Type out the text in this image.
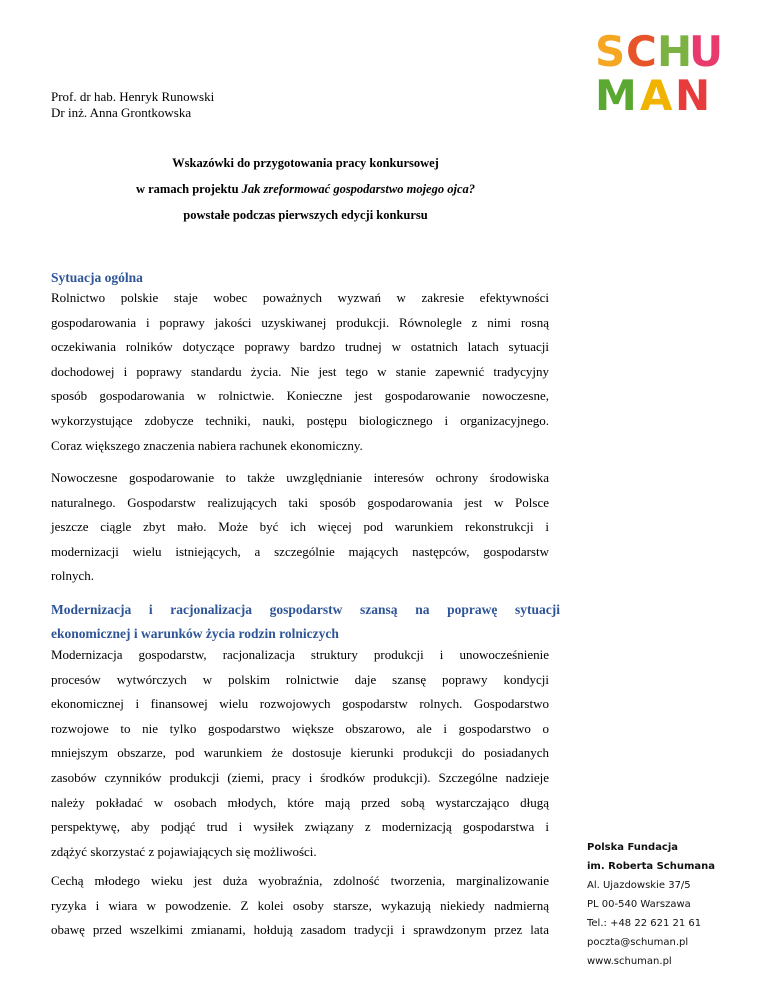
Prof. dr hab. Henryk Runowski
Dr inż. Anna Grontkowska
S C H
U
M A N
Wskazówki do przygotowania pracy konkursowej
w ramach projektu Jak zreformować gospodarstwo mojego ojca?
powstałe podczas pierwszych edycji konkursu
Sytuacja ogólna
Rolnictwo polskie staje wobec poważnych wyzwań w zakresie efektywności
gospodarowania i poprawy jakości uzyskiwanej produkcji. Równolegle z nimi rosną
oczekiwania rolników dotyczące poprawy bardzo trudnej w ostatnich latach sytuacji
dochodowej i poprawy standardu życia. Nie jest tego w stanie zapewnić tradycyjny
sposób gospodarowania w rolnictwie. Konieczne jest gospodarowanie nowoczesne,
wykorzystujące zdobycze techniki, nauki, postępu biologicznego i organizacyjnego.
Coraz większego znaczenia nabiera rachunek ekonomiczny.
Nowoczesne gospodarowanie to także uwzględnianie interesów ochrony środowiska
naturalnego. Gospodarstw realizujących taki sposób gospodarowania jest w Polsce
jeszcze ciągle zbyt mało. Może być ich więcej pod warunkiem rekonstrukcji i
modernizacji wielu istniejących, a szczególnie mających następców, gospodarstw
rolnych.
Modernizacja i racjonalizacja gospodarstw szansą na poprawę sytuacji
ekonomicznej i warunków życia rodzin rolniczych
Modernizacja gospodarstw, racjonalizacja struktury produkcji i unowocześnienie
procesów wytwórczych w polskim rolnictwie daje szansę poprawy kondycji
ekonomicznej i finansowej wielu rozwojowych gospodarstw rolnych. Gospodarstwo
rozwojowe to nie tylko gospodarstwo większe obszarowo, ale i gospodarstwo o
mniejszym obszarze, pod warunkiem że dostosuje kierunki produkcji do posiadanych
zasobów czynników produkcji (ziemi, pracy i środków produkcji). Szczególne nadzieje
należy pokładać w osobach młodych, które mają przed sobą wystarczająco długą
perspektywę, aby podjąć trud i wysiłek związany z modernizacją gospodarstwa i
zdążyć skorzystać z pojawiających się możliwości.
Cechą młodego wieku jest duża wyobraźnia, zdolność tworzenia, marginalizowanie
ryzyka i wiara w powodzenie. Z kolei osoby starsze, wykazują niekiedy nadmierną
obawę przed wszelkimi zmianami, hołdują zasadom tradycji i sprawdzonym przez lata
Polska Fundacja
im. Roberta Schumana
Al. Ujazdowskie 37/5
PL 00-540 Warszawa
Tel.: +48 22 621 21 61
poczta@schuman.pl
www.schuman.pl
